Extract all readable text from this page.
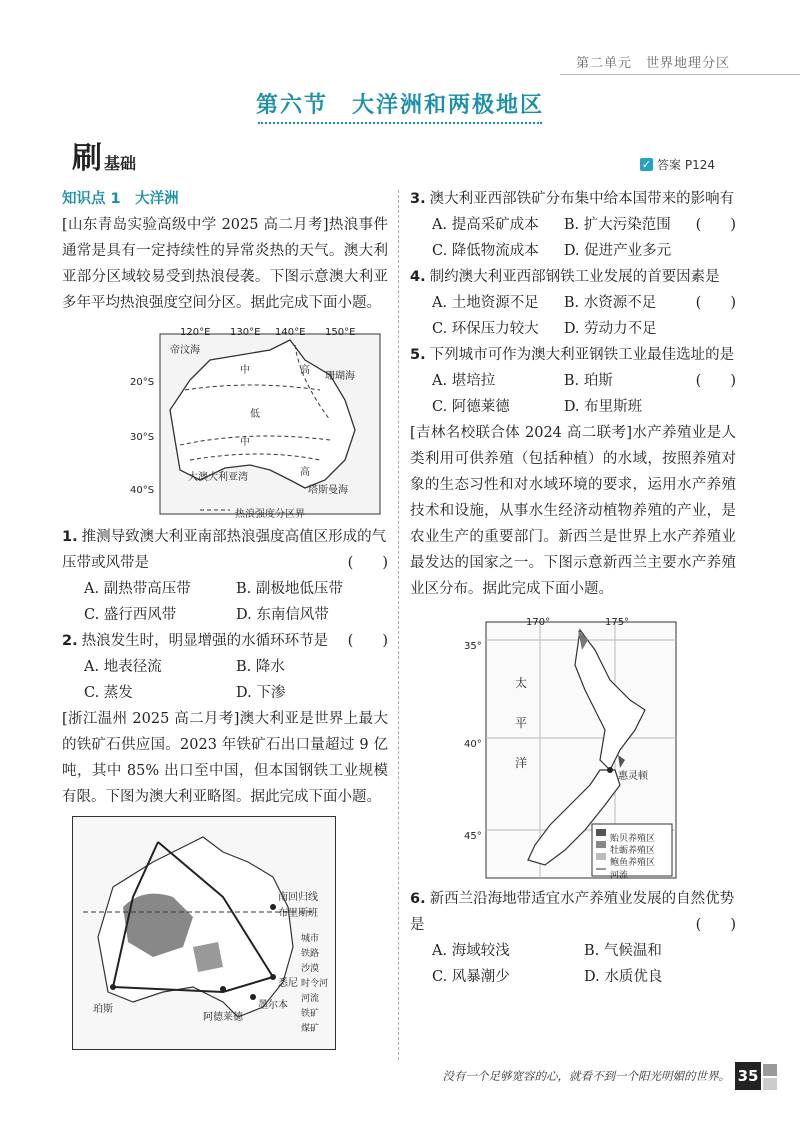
第二单元　世界地理分区
第六节　大洋洲和两极地区
刷 基础	✓ 答案 P124

知识点 1　大洋洲

[山东青岛实验高级中学 2025 高二月考]热浪事件通常是具有一定持续性的异常炎热的天气。澳大利亚部分区域较易受到热浪侵袭。下图示意澳大利亚多年平均热浪强度空间分区。据此完成下面小题。

120°E 130°E 140°E 150°E
20°S
30°S
40°S
帝汶海
中	高
珊瑚海
低
中
高
大澳大利亚湾
塔斯曼海
热浪强度分区界

1. 推测导致澳大利亚南部热浪强度高值区形成的气压带或风带是	(　　)

A. 副热带高压带	B. 副极地低压带
C. 盛行西风带	D. 东南信风带

2. 热浪发生时，明显增强的水循环环节是 (　　)

A. 地表径流	B. 降水
C. 蒸发	D. 下渗

[浙江温州 2025 高二月考]澳大利亚是世界上最大的铁矿石供应国。2023 年铁矿石出口量超过 9 亿吨，其中 85% 出口至中国，但本国钢铁工业规模有限。下图为澳大利亚略图。据此完成下面小题。

南回归线
布里斯班
悉尼
墨尔本
阿德莱德
珀斯
城市
铁路
沙漠
时令河
河流
铁矿
煤矿

3. 澳大利亚西部铁矿分布集中给本国带来的影响有
(　　)

A. 提高采矿成本	B. 扩大污染范围
C. 降低物流成本	D. 促进产业多元

4. 制约澳大利亚西部钢铁工业发展的首要因素是
(　　)

A. 土地资源不足	B. 水资源不足
C. 环保压力较大	D. 劳动力不足

5. 下列城市可作为澳大利亚钢铁工业最佳选址的是
(　　)

A. 堪培拉	B. 珀斯
C. 阿德莱德	D. 布里斯班

[吉林名校联合体 2024 高二联考]水产养殖业是人类利用可供养殖（包括种植）的水域，按照养殖对象的生态习性和对水域环境的要求，运用水产养殖技术和设施，从事水生经济动植物养殖的产业，是农业生产的重要部门。新西兰是世界上水产养殖业最发达的国家之一。下图示意新西兰主要水产养殖业区分布。据此完成下面小题。

170°	175°
35°
40°
45°
太
平
洋
惠灵顿
贻贝养殖区
牡蛎养殖区
鲍鱼养殖区
河流

6. 新西兰沿海地带适宜水产养殖业发展的自然优势是	(　　)

A. 海域较浅	B. 气候温和
C. 风暴潮少	D. 水质优良
没有一个足够宽容的心，就看不到一个阳光明媚的世界。 35
